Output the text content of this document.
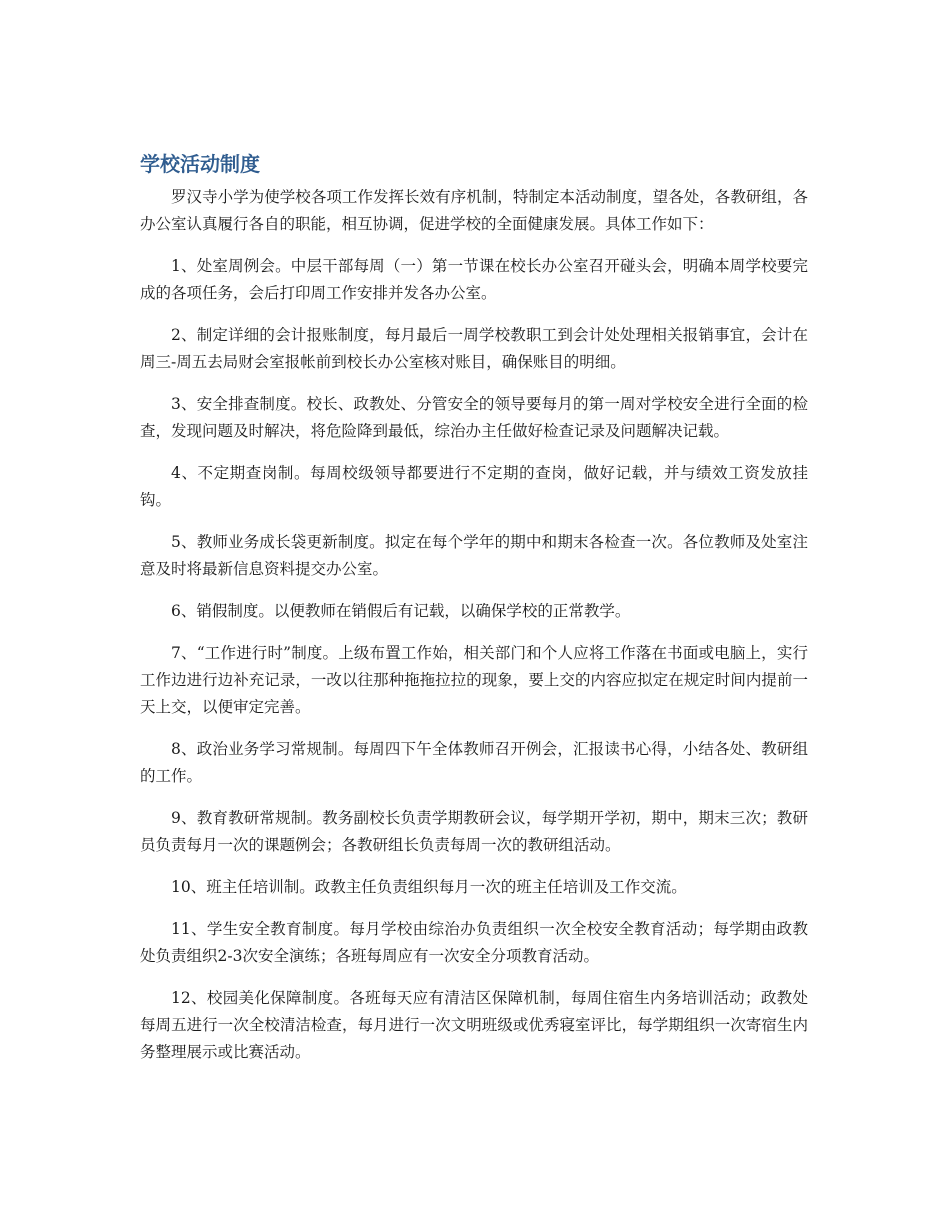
学校活动制度

罗汉寺小学为使学校各项工作发挥长效有序机制，特制定本活动制度，望各处，各教研组，各办公室认真履行各自的职能，相互协调，促进学校的全面健康发展。具体工作如下：

1、处室周例会。中层干部每周（一）第一节课在校长办公室召开碰头会，明确本周学校要完成的各项任务，会后打印周工作安排并发各办公室。

2、制定详细的会计报账制度，每月最后一周学校教职工到会计处处理相关报销事宜，会计在周三-周五去局财会室报帐前到校长办公室核对账目，确保账目的明细。

3、安全排查制度。校长、政教处、分管安全的领导要每月的第一周对学校安全进行全面的检查，发现问题及时解决，将危险降到最低，综治办主任做好检查记录及问题解决记载。

4、不定期查岗制。每周校级领导都要进行不定期的查岗，做好记载，并与绩效工资发放挂钩。

5、教师业务成长袋更新制度。拟定在每个学年的期中和期末各检查一次。各位教师及处室注意及时将最新信息资料提交办公室。

6、销假制度。以便教师在销假后有记载，以确保学校的正常教学。

7、“工作进行时”制度。上级布置工作始，相关部门和个人应将工作落在书面或电脑上，实行工作边进行边补充记录，一改以往那种拖拖拉拉的现象，要上交的内容应拟定在规定时间内提前一天上交，以便审定完善。

8、政治业务学习常规制。每周四下午全体教师召开例会，汇报读书心得，小结各处、教研组的工作。

9、教育教研常规制。教务副校长负责学期教研会议，每学期开学初，期中，期末三次；教研员负责每月一次的课题例会；各教研组长负责每周一次的教研组活动。

10、班主任培训制。政教主任负责组织每月一次的班主任培训及工作交流。

11、学生安全教育制度。每月学校由综治办负责组织一次全校安全教育活动；每学期由政教处负责组织2-3次安全演练；各班每周应有一次安全分项教育活动。

12、校园美化保障制度。各班每天应有清洁区保障机制，每周住宿生内务培训活动；政教处每周五进行一次全校清洁检查，每月进行一次文明班级或优秀寝室评比，每学期组织一次寄宿生内务整理展示或比赛活动。
